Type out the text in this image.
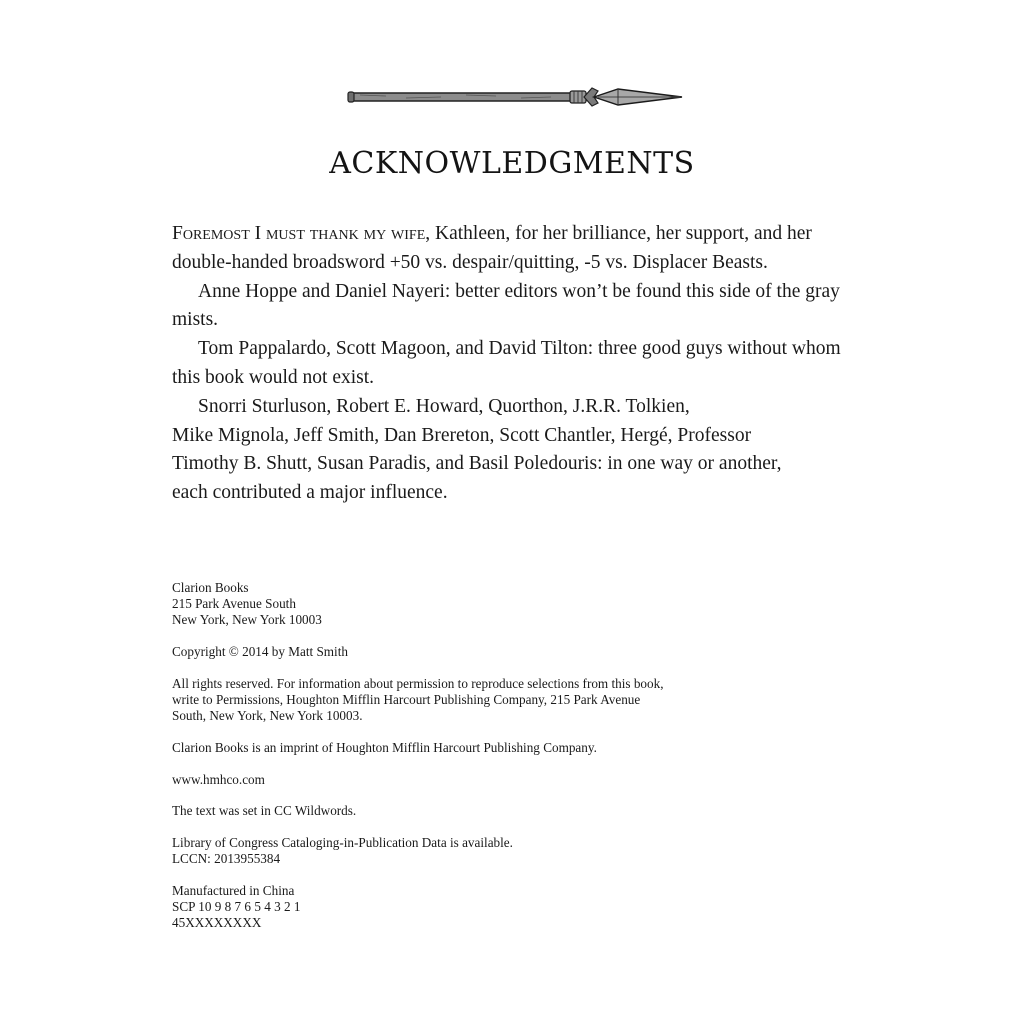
ACKNOWLEDGMENTS

Foremost I must thank my wife, Kathleen, for her brilliance, her support, and her double-handed broadsword +50 vs. despair/quitting, -5 vs. Displacer Beasts.

Anne Hoppe and Daniel Nayeri: better editors won’t be found this side of the gray mists.

Tom Pappalardo, Scott Magoon, and David Tilton: three good guys without whom this book would not exist.

Snorri Sturluson, Robert E. Howard, Quorthon, J.R.R. Tolkien,
Mike Mignola, Jeff Smith, Dan Brereton, Scott Chantler, Hergé, Professor
Timothy B. Shutt, Susan Paradis, and Basil Poledouris: in one way or another,
each contributed a major influence.

Clarion Books
215 Park Avenue South
New York, New York 10003
Copyright © 2014 by Matt Smith
All rights reserved. For information about permission to reproduce selections from this book,
write to Permissions, Houghton Mifflin Harcourt Publishing Company, 215 Park Avenue
South, New York, New York 10003.
Clarion Books is an imprint of Houghton Mifflin Harcourt Publishing Company.
www.hmhco.com
The text was set in CC Wildwords.
Library of Congress Cataloging-in-Publication Data is available.
LCCN: 2013955384
Manufactured in China
SCP 10 9 8 7 6 5 4 3 2 1
45XXXXXXXX
